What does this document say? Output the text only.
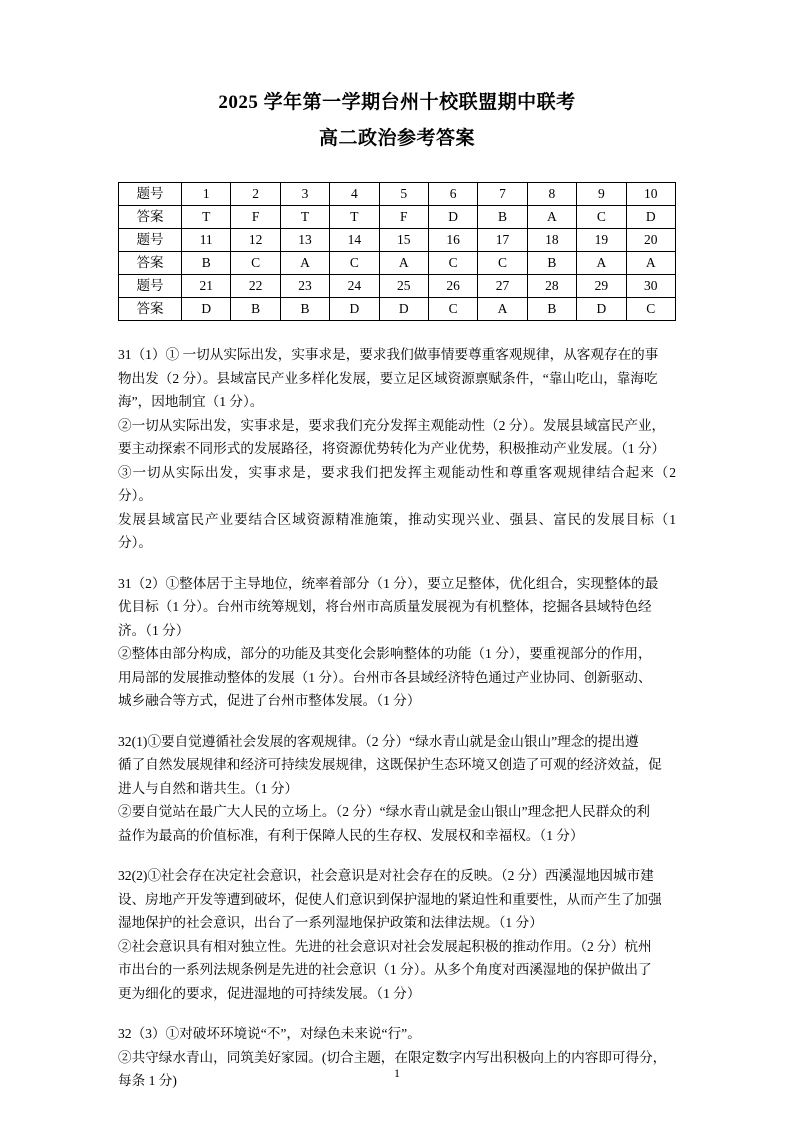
2025 学年第一学期台州十校联盟期中联考
高二政治参考答案
题号	1	2	3	4	5	6	7	8	9	10
答案	T	F	T	T	F	D	B	A	C	D
题号	11	12	13	14	15	16	17	18	19	20
答案	B	C	A	C	A	C	C	B	A	A
题号	21	22	23	24	25	26	27	28	29	30
答案	D	B	B	D	D	C	A	B	D	C

31（1）① 一切从实际出发，实事求是，要求我们做事情要尊重客观规律，从客观存在的事

物出发（2 分）。县域富民产业多样化发展，要立足区域资源禀赋条件，“靠山吃山，靠海吃

海”，因地制宜（1 分）。

②一切从实际出发，实事求是，要求我们充分发挥主观能动性（2 分）。发展县域富民产业，

要主动探索不同形式的发展路径，将资源优势转化为产业优势，积极推动产业发展。（1 分）

③一切从实际出发，实事求是，要求我们把发挥主观能动性和尊重客观规律结合起来（2 分）。

发展县域富民产业要结合区域资源精准施策，推动实现兴业、强县、富民的发展目标（1 分）。

31（2）①整体居于主导地位，统率着部分（1 分），要立足整体，优化组合，实现整体的最

优目标（1 分）。台州市统筹规划，将台州市高质量发展视为有机整体，挖掘各县域特色经

济。（1 分）

②整体由部分构成，部分的功能及其变化会影响整体的功能（1 分），要重视部分的作用，

用局部的发展推动整体的发展（1 分）。台州市各县域经济特色通过产业协同、创新驱动、

城乡融合等方式，促进了台州市整体发展。（1 分）

32(1)①要自觉遵循社会发展的客观规律。（2 分）“绿水青山就是金山银山”理念的提出遵

循了自然发展规律和经济可持续发展规律，这既保护生态环境又创造了可观的经济效益，促

进人与自然和谐共生。（1 分）

②要自觉站在最广大人民的立场上。（2 分）“绿水青山就是金山银山”理念把人民群众的利

益作为最高的价值标准，有利于保障人民的生存权、发展权和幸福权。（1 分）

32(2)①社会存在决定社会意识，社会意识是对社会存在的反映。（2 分）西溪湿地因城市建

设、房地产开发等遭到破坏，促使人们意识到保护湿地的紧迫性和重要性，从而产生了加强

湿地保护的社会意识，出台了一系列湿地保护政策和法律法规。（1 分）

②社会意识具有相对独立性。先进的社会意识对社会发展起积极的推动作用。（2 分）杭州

市出台的一系列法规条例是先进的社会意识（1 分）。从多个角度对西溪湿地的保护做出了

更为细化的要求，促进湿地的可持续发展。（1 分）

32（3）①对破坏环境说“不”，对绿色未来说“行”。

②共守绿水青山，同筑美好家园。(切合主题，在限定数字内写出积极向上的内容即可得分，

每条 1 分)	1
